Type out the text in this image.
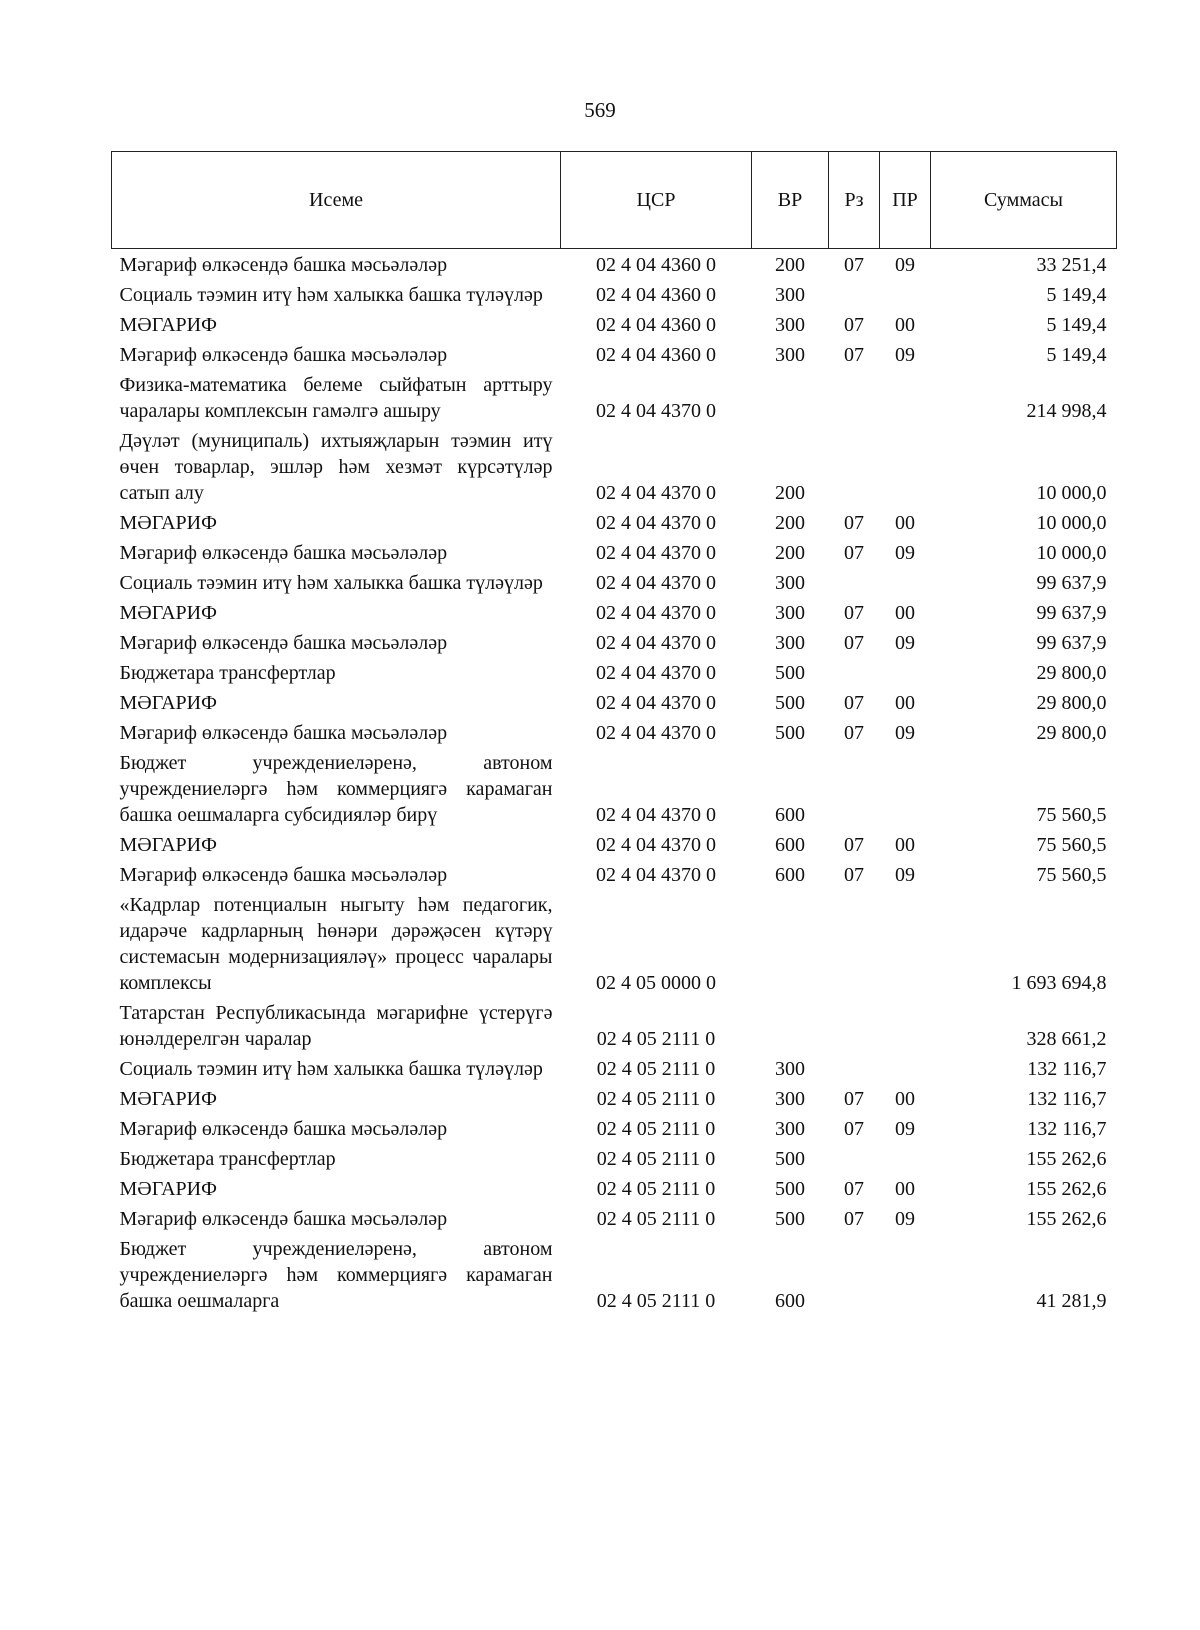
569
Исеме	ЦСР	ВР	Рз	ПР	Суммасы
Мәгариф өлкәсендә башка мәсьәләләр	02 4 04 4360 0	200	07	09	33 251,4
Социаль тәэмин итү һәм халыкка башка түләүләр	02 4 04 4360 0	300			5 149,4
МӘГАРИФ	02 4 04 4360 0	300	07	00	5 149,4
Мәгариф өлкәсендә башка мәсьәләләр	02 4 04 4360 0	300	07	09	5 149,4
Физика-математика белеме сыйфатын арттыру чаралары комплексын гамәлгә ашыру	02 4 04 4370 0				214 998,4
Дәүләт (муниципаль) ихтыяҗларын тәэмин итү өчен товарлар, эшләр һәм хезмәт күрсәтүләр сатып алу	02 4 04 4370 0	200			10 000,0
МӘГАРИФ	02 4 04 4370 0	200	07	00	10 000,0
Мәгариф өлкәсендә башка мәсьәләләр	02 4 04 4370 0	200	07	09	10 000,0
Социаль тәэмин итү һәм халыкка башка түләүләр	02 4 04 4370 0	300			99 637,9
МӘГАРИФ	02 4 04 4370 0	300	07	00	99 637,9
Мәгариф өлкәсендә башка мәсьәләләр	02 4 04 4370 0	300	07	09	99 637,9
Бюджетара трансфертлар	02 4 04 4370 0	500			29 800,0
МӘГАРИФ	02 4 04 4370 0	500	07	00	29 800,0
Мәгариф өлкәсендә башка мәсьәләләр	02 4 04 4370 0	500	07	09	29 800,0
Бюджет учреждениеләренә, автоном учреждениеләргә һәм коммерциягә карамаган башка оешмаларга субсидияләр бирү	02 4 04 4370 0	600			75 560,5
МӘГАРИФ	02 4 04 4370 0	600	07	00	75 560,5
Мәгариф өлкәсендә башка мәсьәләләр	02 4 04 4370 0	600	07	09	75 560,5
«Кадрлар потенциалын ныгыту һәм педагогик, идарәче кадрларның һөнәри дәрәҗәсен күтәрү системасын модернизацияләү» процесс чаралары комплексы	02 4 05 0000 0				1 693 694,8
Татарстан Республикасында мәгарифне үстерүгә юнәлдерелгән чаралар	02 4 05 2111 0				328 661,2
Социаль тәэмин итү һәм халыкка башка түләүләр	02 4 05 2111 0	300			132 116,7
МӘГАРИФ	02 4 05 2111 0	300	07	00	132 116,7
Мәгариф өлкәсендә башка мәсьәләләр	02 4 05 2111 0	300	07	09	132 116,7
Бюджетара трансфертлар	02 4 05 2111 0	500			155 262,6
МӘГАРИФ	02 4 05 2111 0	500	07	00	155 262,6
Мәгариф өлкәсендә башка мәсьәләләр	02 4 05 2111 0	500	07	09	155 262,6
Бюджет учреждениеләренә, автоном учреждениеләргә һәм коммерциягә карамаган башка оешмаларга	02 4 05 2111 0	600			41 281,9
